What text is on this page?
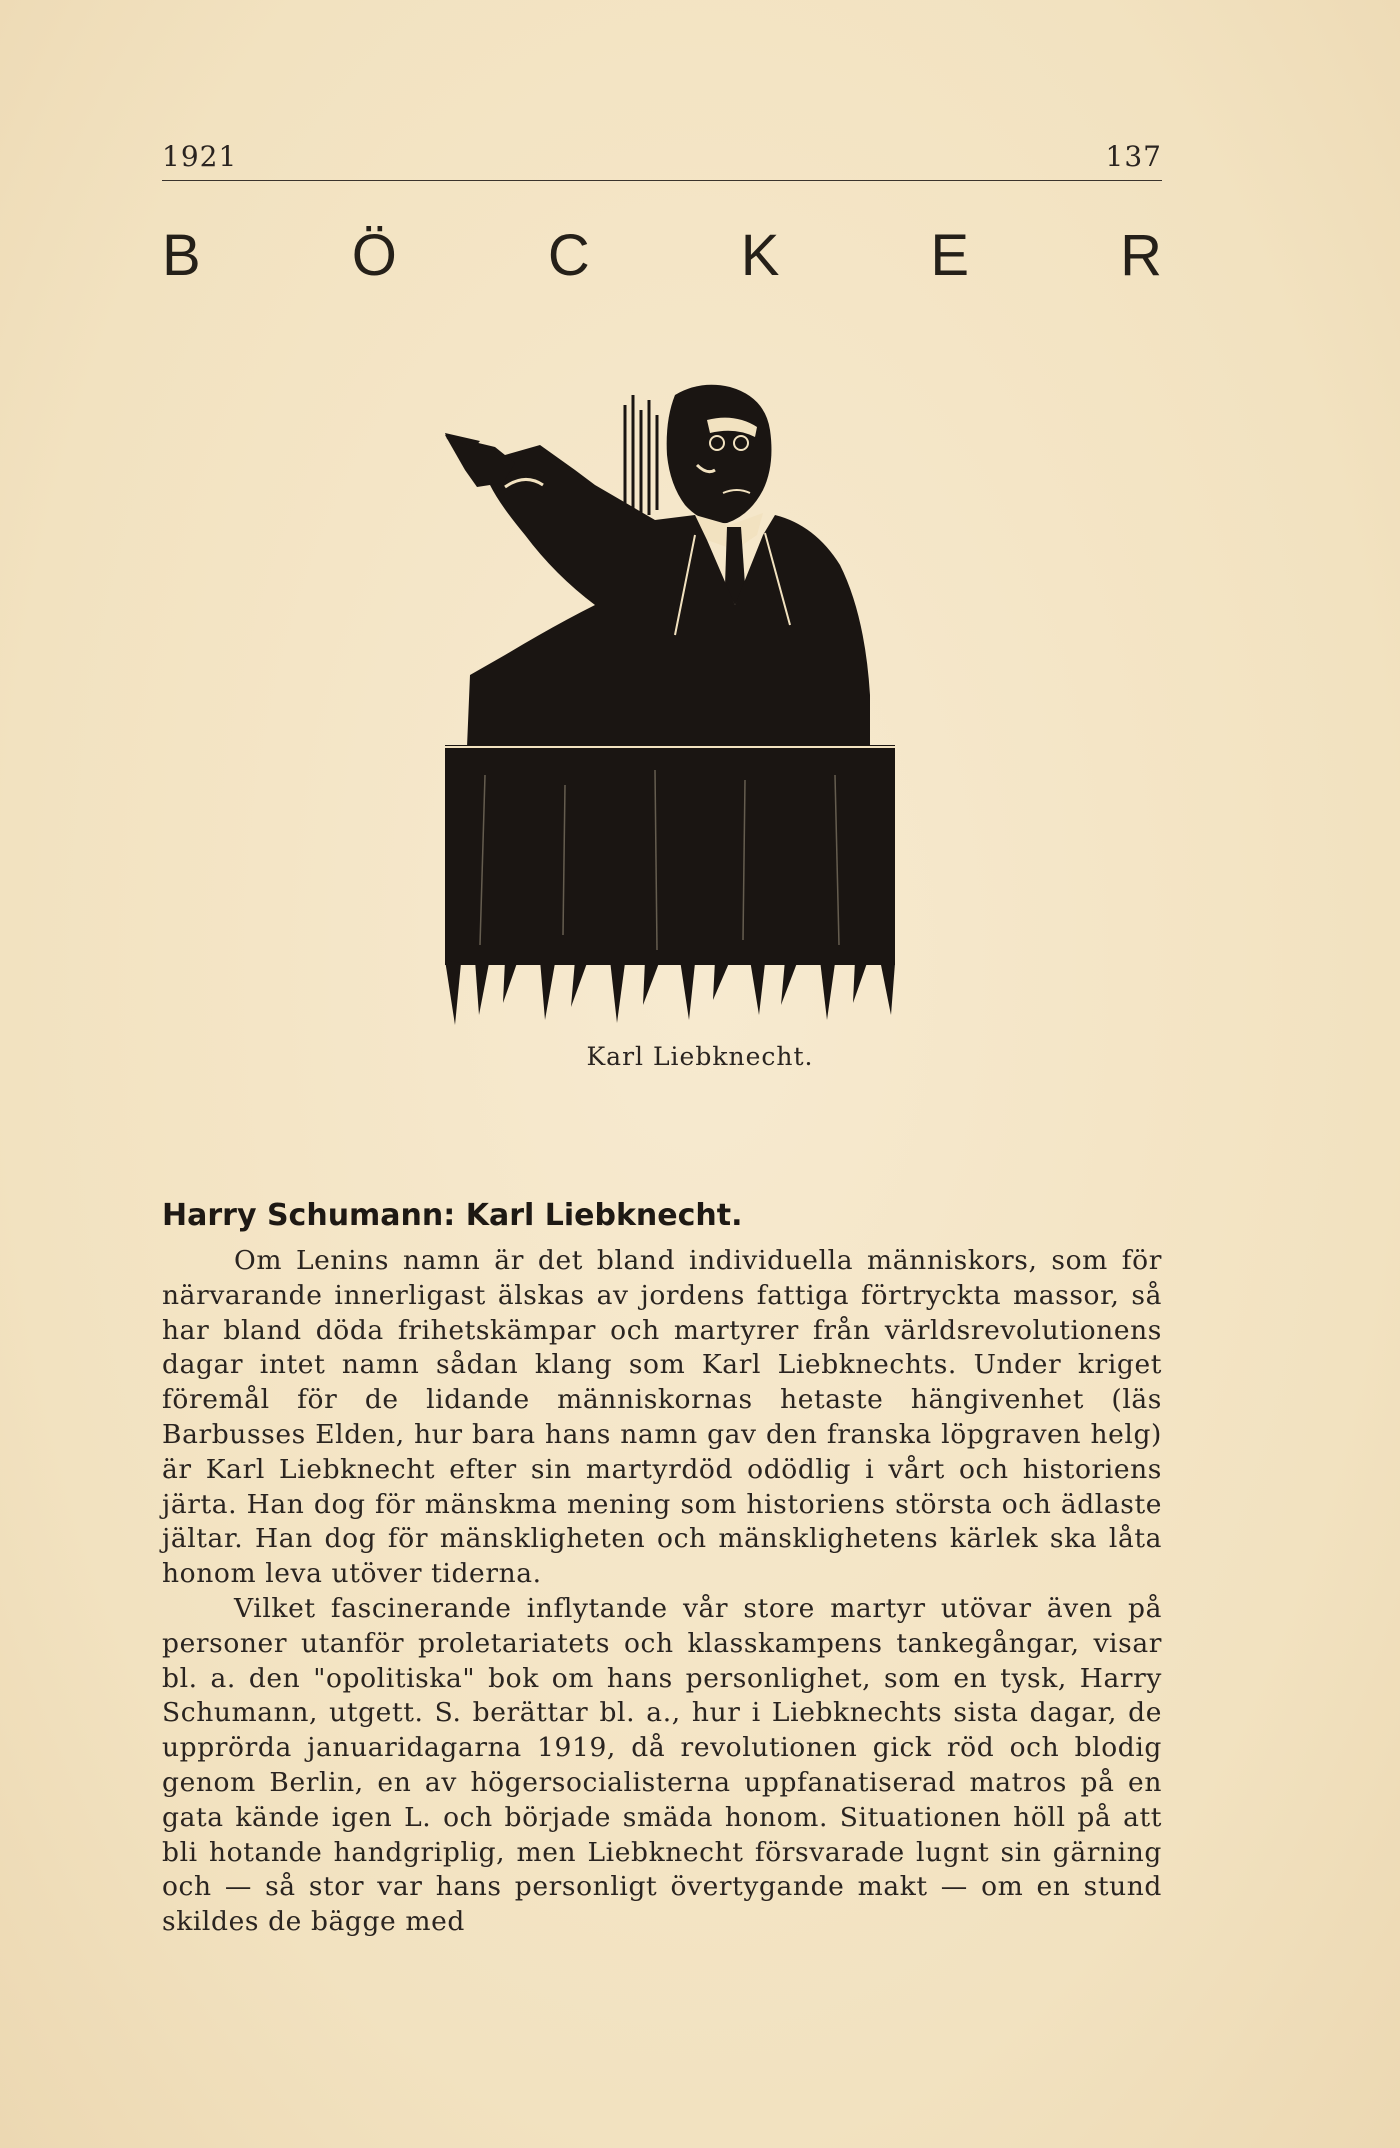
1921	137
B	Ö	C	K	E	R
Karl Liebknecht.
Harry Schumann: Karl Liebknecht.

Om Lenins namn är det bland individuella människors, som för närvarande innerligast älskas av jordens fattiga förtryckta massor, så har bland döda frihetskämpar och martyrer från världsrevolutionens dagar intet namn sådan klang som Karl Liebknechts. Under kriget föremål för de lidande människornas hetaste hängivenhet (läs Barbusses Elden, hur bara hans namn gav den franska löpgraven helg) är Karl Liebknecht efter sin martyrdöd odödlig i vårt och historiens järta. Han dog för mänskma mening som historiens största och ädlaste jältar. Han dog för mänskligheten och mänsklighetens kärlek ska låta honom leva utöver tiderna.

Vilket fascinerande inflytande vår store martyr utövar även på personer utanför proletariatets och klasskampens tankegångar, visar bl. a. den "opolitiska" bok om hans personlighet, som en tysk, Harry Schumann, utgett. S. berättar bl. a., hur i Liebknechts sista dagar, de upprörda januaridagarna 1919, då revolutionen gick röd och blodig genom Berlin, en av högersocialisterna uppfanatiserad matros på en gata kände igen L. och började smäda honom. Situationen höll på att bli hotande handgriplig, men Liebknecht försvarade lugnt sin gärning och — så stor var hans personligt övertygande makt — om en stund skildes de bägge med
